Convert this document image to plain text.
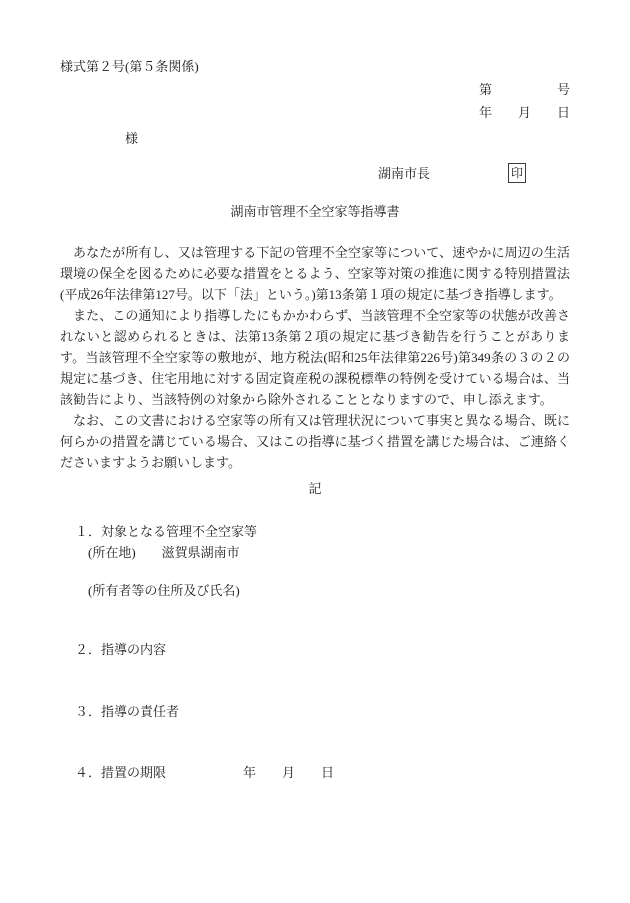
様式第２号(第５条関係)
第　　　　　号
年　　月　　日
様
湖南市長	印
湖南市管理不全空家等指導書

あなたが所有し、又は管理する下記の管理不全空家等について、速やかに周辺の生活環境の保全を図るために必要な措置をとるよう、空家等対策の推進に関する特別措置法(平成26年法律第127号。以下「法」という。)第13条第１項の規定に基づき指導します。

また、この通知により指導したにもかかわらず、当該管理不全空家等の状態が改善されないと認められるときは、法第13条第２項の規定に基づき勧告を行うことがあります。当該管理不全空家等の敷地が、地方税法(昭和25年法律第226号)第349条の３の２の規定に基づき、住宅用地に対する固定資産税の課税標準の特例を受けている場合は、当該勧告により、当該特例の対象から除外されることとなりますので、申し添えます。

なお、この文書における空家等の所有又は管理状況について事実と異なる場合、既に何らかの措置を講じている場合、又はこの指導に基づく措置を講じた場合は、ご連絡くださいますようお願いします。

記
１．対象となる管理不全空家等
(所在地)　　滋賀県湖南市
(所有者等の住所及び氏名)
２．指導の内容
３．指導の責任者
４．措置の期限	年　　月　　日
